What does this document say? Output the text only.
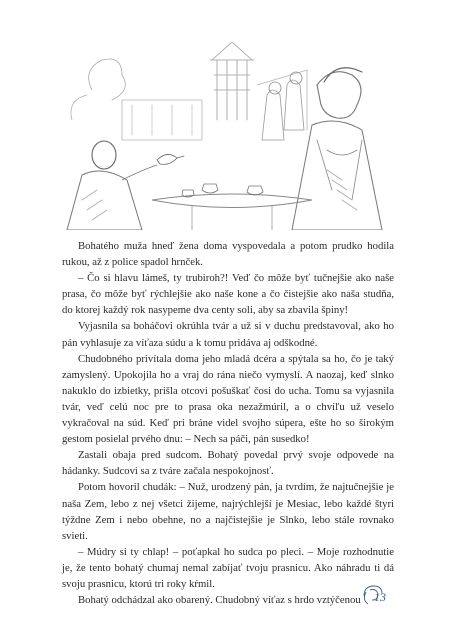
Bohatého muža hneď žena doma vyspovedala a potom prudko hodila rukou, až z police spadol hrnček.

– Čo si hlavu lámeš, ty trubiroh?! Veď čo môže byť tučnejšie ako naše prasa, čo môže byť rýchlejšie ako naše kone a čo čistejšie ako naša studňa, do ktorej každý rok nasypeme dva centy soli, aby sa zbavila špiny!

Vyjasnila sa boháčovi okrúhla tvár a už si v duchu predstavoval, ako ho pán vyhlasuje za víťaza súdu a k tomu pridáva aj odškodné.

Chudobného privítala doma jeho mladá dcéra a spýtala sa ho, čo je taký zamyslený. Upokojila ho a vraj do rána niečo vymyslí. A naozaj, keď slnko nakuklo do izbietky, prišla otcovi pošuškať čosi do ucha. Tomu sa vyjasnila tvár, veď celú noc pre to prasa oka nezažmúril, a o chvíľu už veselo vykračoval na súd. Keď pri bráne videl svojho súpera, ešte ho so širokým gestom posielal prvého dnu: – Nech sa páči, pán susedko!

Zastali obaja pred sudcom. Bohatý povedal prvý svoje odpovede na hádanky. Sudcovi sa z tváre začala nespokojnosť.

Potom hovoril chudák: – Nuž, urodzený pán, ja tvrdím, že najtučnejšie je naša Zem, lebo z nej všetci žijeme, najrýchlejší je Mesiac, lebo každé štyri týždne Zem i nebo obehne, no a najčistejšie je Slnko, lebo stále rovnako svieti.

– Múdry si ty chlap! – poťapkal ho sudca po pleci. – Moje rozhodnutie je, že tento bohatý chumaj nemal zabíjať tvoju prasnicu. Ako náhradu ti dá svoju prasnicu, ktorú tri roky kŕmil.

Bohatý odchádzal ako obarený. Chudobný víťaz s hrdo vztýčenou	13
